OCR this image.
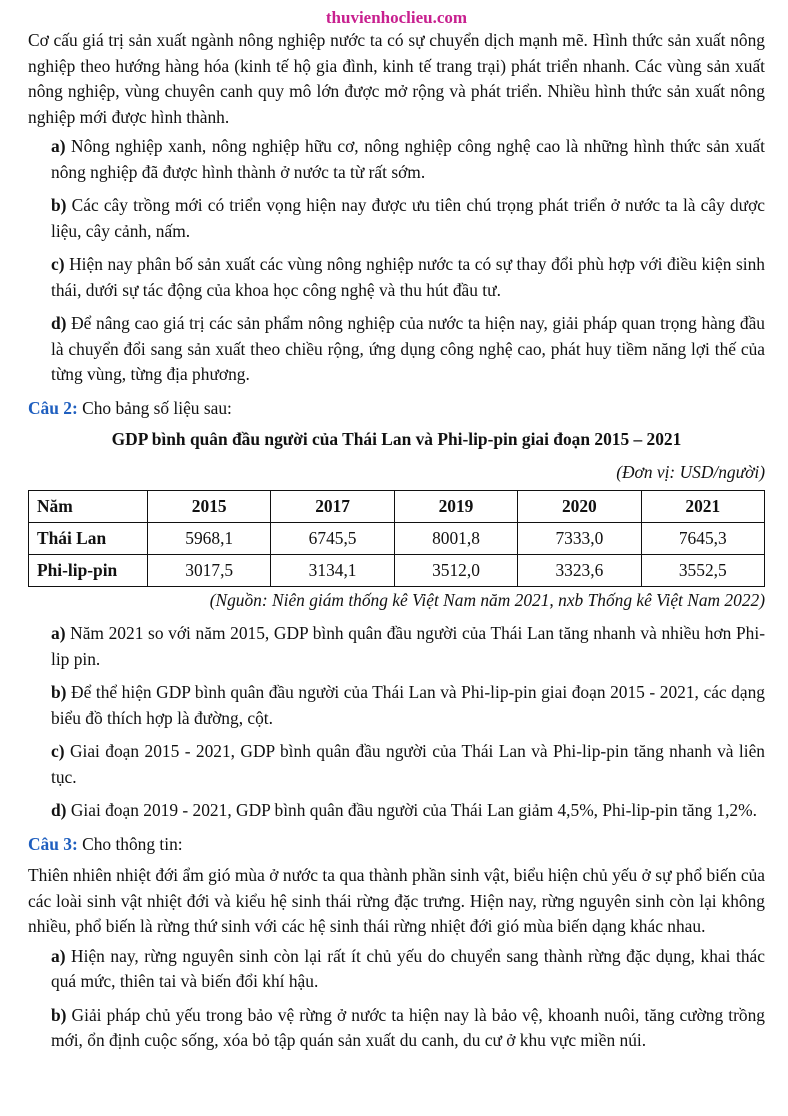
thuvienhoclieu.com

Cơ cấu giá trị sản xuất ngành nông nghiệp nước ta có sự chuyển dịch mạnh mẽ. Hình thức sản xuất nông nghiệp theo hướng hàng hóa (kinh tế hộ gia đình, kinh tế trang trại) phát triển nhanh. Các vùng sản xuất nông nghiệp, vùng chuyên canh quy mô lớn được mở rộng và phát triển. Nhiều hình thức sản xuất nông nghiệp mới được hình thành.

a) Nông nghiệp xanh, nông nghiệp hữu cơ, nông nghiệp công nghệ cao là những hình thức sản xuất nông nghiệp đã được hình thành ở nước ta từ rất sớm.

b) Các cây trồng mới có triển vọng hiện nay được ưu tiên chú trọng phát triển ở nước ta là cây dược liệu, cây cảnh, nấm.

c) Hiện nay phân bố sản xuất các vùng nông nghiệp nước ta có sự thay đổi phù hợp với điều kiện sinh thái, dưới sự tác động của khoa học công nghệ và thu hút đầu tư.

d) Để nâng cao giá trị các sản phẩm nông nghiệp của nước ta hiện nay, giải pháp quan trọng hàng đầu là chuyển đổi sang sản xuất theo chiều rộng, ứng dụng công nghệ cao, phát huy tiềm năng lợi thế của từng vùng, từng địa phương.

Câu 2: Cho bảng số liệu sau:

GDP bình quân đầu người của Thái Lan và Phi-lip-pin giai đoạn 2015 – 2021
(Đơn vị: USD/người)
Năm	2015	2017	2019	2020	2021
Thái Lan	5968,1	6745,5	8001,8	7333,0	7645,3
Phi-lip-pin	3017,5	3134,1	3512,0	3323,6	3552,5
(Nguồn: Niên giám thống kê Việt Nam năm 2021, nxb Thống kê Việt Nam 2022)

a) Năm 2021 so với năm 2015, GDP bình quân đầu người của Thái Lan tăng nhanh và nhiều hơn Phi-lip pin.

b) Để thể hiện GDP bình quân đầu người của Thái Lan và Phi-lip-pin giai đoạn 2015 - 2021, các dạng biểu đồ thích hợp là đường, cột.

c) Giai đoạn 2015 - 2021, GDP bình quân đầu người của Thái Lan và Phi-lip-pin tăng nhanh và liên tục.

d) Giai đoạn 2019 - 2021, GDP bình quân đầu người của Thái Lan giảm 4,5%, Phi-lip-pin tăng 1,2%.

Câu 3: Cho thông tin:

Thiên nhiên nhiệt đới ẩm gió mùa ở nước ta qua thành phần sinh vật, biểu hiện chủ yếu ở sự phổ biến của các loài sinh vật nhiệt đới và kiểu hệ sinh thái rừng đặc trưng. Hiện nay, rừng nguyên sinh còn lại không nhiều, phổ biến là rừng thứ sinh với các hệ sinh thái rừng nhiệt đới gió mùa biến dạng khác nhau.

a) Hiện nay, rừng nguyên sinh còn lại rất ít chủ yếu do chuyển sang thành rừng đặc dụng, khai thác quá mức, thiên tai và biến đổi khí hậu.

b) Giải pháp chủ yếu trong bảo vệ rừng ở nước ta hiện nay là bảo vệ, khoanh nuôi, tăng cường trồng mới, ổn định cuộc sống, xóa bỏ tập quán sản xuất du canh, du cư ở khu vực miền núi.
